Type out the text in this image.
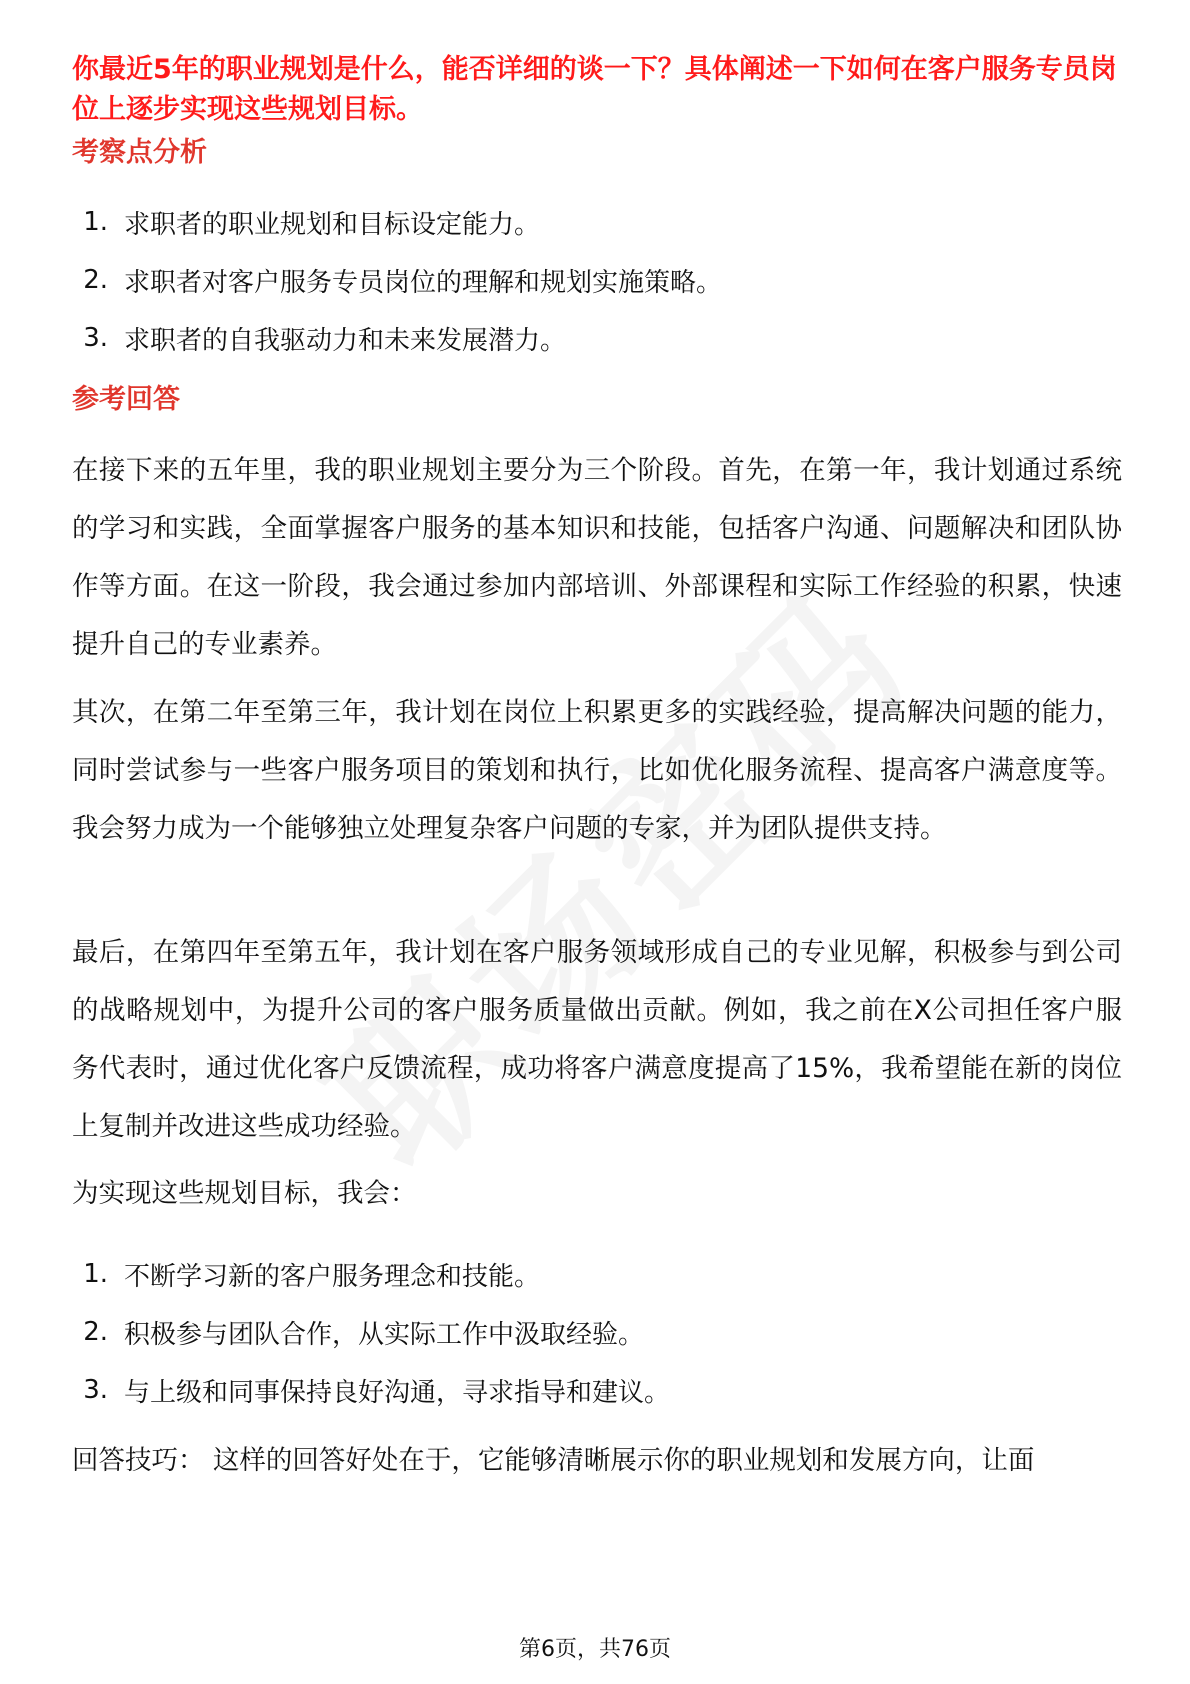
你最近5年的职业规划是什么，能否详细的谈一下？具体阐述一下如何在客户服务专员岗位上逐步实现这些规划目标。
考察点分析
1. 求职者的职业规划和目标设定能力。
2. 求职者对客户服务专员岗位的理解和规划实施策略。
3. 求职者的自我驱动力和未来发展潜力。
参考回答

在接下来的五年里，我的职业规划主要分为三个阶段。首先，在第一年，我计划通过系统的学习和实践，全面掌握客户服务的基本知识和技能，包括客户沟通、问题解决和团队协作等方面。在这一阶段，我会通过参加内部培训、外部课程和实际工作经验的积累，快速提升自己的专业素养。

其次，在第二年至第三年，我计划在岗位上积累更多的实践经验，提高解决问题的能力，同时尝试参与一些客户服务项目的策划和执行，比如优化服务流程、提高客户满意度等。我会努力成为一个能够独立处理复杂客户问题的专家，并为团队提供支持。

最后，在第四年至第五年，我计划在客户服务领域形成自己的专业见解，积极参与到公司的战略规划中，为提升公司的客户服务质量做出贡献。例如，我之前在X公司担任客户服务代表时，通过优化客户反馈流程，成功将客户满意度提高了15%，我希望能在新的岗位上复制并改进这些成功经验。

为实现这些规划目标，我会：

1. 不断学习新的客户服务理念和技能。
2. 积极参与团队合作，从实际工作中汲取经验。
3. 与上级和同事保持良好沟通，寻求指导和建议。

回答技巧： 这样的回答好处在于，它能够清晰展示你的职业规划和发展方向，让面

第6页，共76页
